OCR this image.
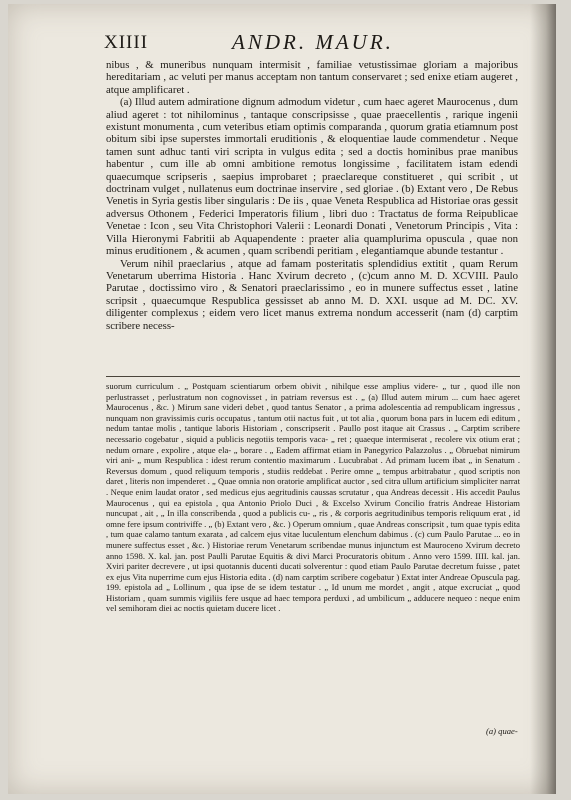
XIIII	ANDR. MAUR.

nibus , & muneribus nunquam intermisit , familiae vetustissimae gloriam a majoribus hereditariam , ac veluti per manus acceptam non tantum conservaret ; sed enixe etiam augeret , atque amplificaret .

(a) Illud autem admiratione dignum admodum videtur , cum haec ageret Maurocenus , dum aliud ageret : tot nihilominus , tantaque conscripsisse , quae praecellentis , rarique ingenii existunt monumenta , cum veteribus etiam optimis comparanda , quorum gratia etiamnum post obitum sibi ipse superstes immortali eruditionis , & eloquentiae laude commendetur . Neque tamen sunt adhuc tanti viri scripta in vulgus edita ; sed a doctis hominibus prae manibus habentur , cum ille ab omni ambitione remotus longissime , facilitatem istam edendi quaecumque scripseris , saepius improbaret ; praeclareque constitueret , qui scribit , ut doctrinam vulget , nullatenus eum doctrinae inservire , sed gloriae . (b) Extant vero , De Rebus Venetis in Syria gestis liber singularis : De iis , quae Veneta Respublica ad Historiae oras gessit adversus Othonem , Federici Imperatoris filium , libri duo : Tractatus de forma Reipublicae Venetae : Icon , seu Vita Christophori Valerii : Leonardi Donati , Venetorum Principis , Vita : Villa Hieronymi Fabritii ab Aquapendente : praeter alia quamplurima opuscula , quae non minus eruditionem , & acumen , quam scribendi peritiam , elegantiamque abunde testantur .

Verum nihil praeclarius , atque ad famam posteritatis splendidius extitit , quam Rerum Venetarum uberrima Historia . Hanc Xvirum decreto , (c)cum anno M. D. XCVIII. Paulo Parutae , doctissimo viro , & Senatori praeclarissimo , eo in munere suffectus esset , latine scripsit , quaecumque Respublica gessisset ab anno M. D. XXI. usque ad M. DC. XV. diligenter complexus ; eidem vero licet manus extrema nondum accesserit (nam (d) carptim scribere necess-

suorum curriculum . „ Postquam scientiarum orbem obivit , nihilque esse amplius videre- „ tur , quod ille non perlustrasset , perlustratum non cognovisset , in patriam reversus est . „ (a) Illud autem mirum ... cum haec ageret Maurocenus , &c. ) Mirum sane videri debet , quod tantus Senator , a prima adolescentia ad rempublicam ingressus , nunquam non gravissimis curis occupatus , tantum otii nactus fuit , ut tot alia , quorum bona pars in lucem edi editum , nedum tantae molis , tantique laboris Historiam , conscripserit . Paullo post itaque ait Crassus . „ Carptim scribere necessario cogebatur , siquid a publicis negotiis temporis vaca- „ ret ; quaeque intermiserat , recolere vix otium erat ; nedum ornare , expolire , atque ela- „ borare . „ Eadem affirmat etiam in Panegyrico Palazzolus . „ Obruebat nimirum viri ani- „ mum Respublica : idest rerum contentio maximarum . Lucubrabat . Ad primam lucem ibat „ in Senatum . Reversus domum , quod reliquum temporis , studiis reddebat . Perire omne „ tempus arbitrabatur , quod scriptis non daret , literis non impenderet . „ Quae omnia non oratorie amplificat auctor , sed citra ullum artificium simpliciter narrat . Neque enim laudat orator , sed medicus ejus aegritudinis caussas scrutatur , qua Andreas decessit . His accedit Paulus Maurocenus , qui ea epistola , qua Antonio Priolo Duci , & Excelso Xvirum Concilio fratris Andreae Historiam nuncupat , ait , „ In illa conscribenda , quod a publicis cu- „ ris , & corporis aegritudinibus temporis reliquum erat , id omne fere ipsum contriviffe . „ (b) Extant vero , &c. ) Operum omnium , quae Andreas conscripsit , tum quae typis edita , tum quae calamo tantum exarata , ad calcem ejus vitae luculentum elenchum dabimus . (c) cum Paulo Parutae ... eo in munere suffectus esset , &c. ) Historiae rerum Venetarum scribendae munus injunctum est Mauroceno Xvirum decreto anno 1598. X. kal. jan. post Paulli Parutae Equitis & divi Marci Procuratoris obitum . Anno vero 1599. IIII. kal. jan. Xviri pariter decrevere , ut ipsi quotannis ducenti ducati solverentur : quod etiam Paulo Parutae decretum fuisse , patet ex ejus Vita nuperrime cum ejus Historia edita . (d) nam carptim scribere cogebatur ) Extat inter Andreae Opuscula pag. 199. epistola ad „ Lollinum , qua ipse de se idem testatur . „ Id unum me mordet , angit , atque excruciat „ quod Historiam , quam summis vigiliis fere usque ad haec tempora perduxi , ad umbilicum „ adducere nequeo : neque enim vel semihoram diei ac noctis quietam ducere licet .

(a) quae-
